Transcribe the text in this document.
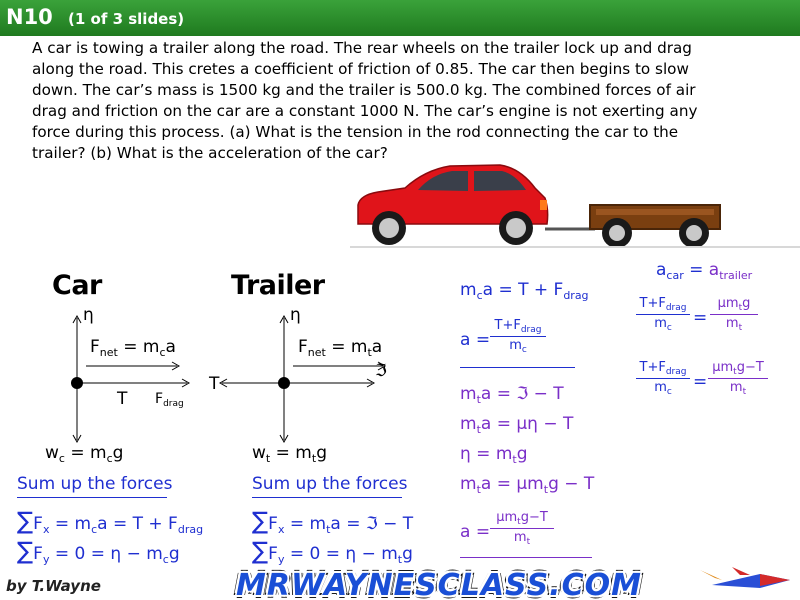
N10 (1 of 3 slides)
A car is towing a trailer along the road. The rear wheels on the trailer lock up and drag along the road. This cretes a coefficient of friction of 0.85. The car then begins to slow down. The car’s mass is 1500 kg and the trailer is 500.0 kg. The combined forces of air drag and friction on the car are a constant 1000 N. The car’s engine is not exerting any force during this process. (a) What is the tension in the rod connecting the car to the trailer? (b) What is the acceleration of the car?
Car
η
$F_{net} = m_ca$
T $F_{drag}$
$w_c = m_cg$
Trailer
η
$F_{net} = m_ta$
T
ℑ
$w_t = m_tg$
Sum up the forces
$\sum F_x = m_ca = T + F_{drag}$
$\sum F_y = 0 = \eta - m_cg$
Sum up the forces
$\sum F_x = m_ta$ = ℑ − T
$\sum F_y = 0 = \eta - m_tg$
$m_ca = T + F_{drag}$
a =
$T+F_{drag}$
$m_c$
$m_ta$ = ℑ − T
$m_ta = \mu\eta - T$
$\eta = m_tg$
$m_ta = \mu m_tg - T$
a =
$\mu m_tg-T$
$m_t$
$a_{car} = a_{trailer}$
$T+F_{drag}$
$m_c$	=
$\mu m_tg$
$m_t$
$T+F_{drag}$
$m_c$	=
$\mu m_tg-T$
$m_t$
by T.Wayne	MRWAYNESCLASS.COM
